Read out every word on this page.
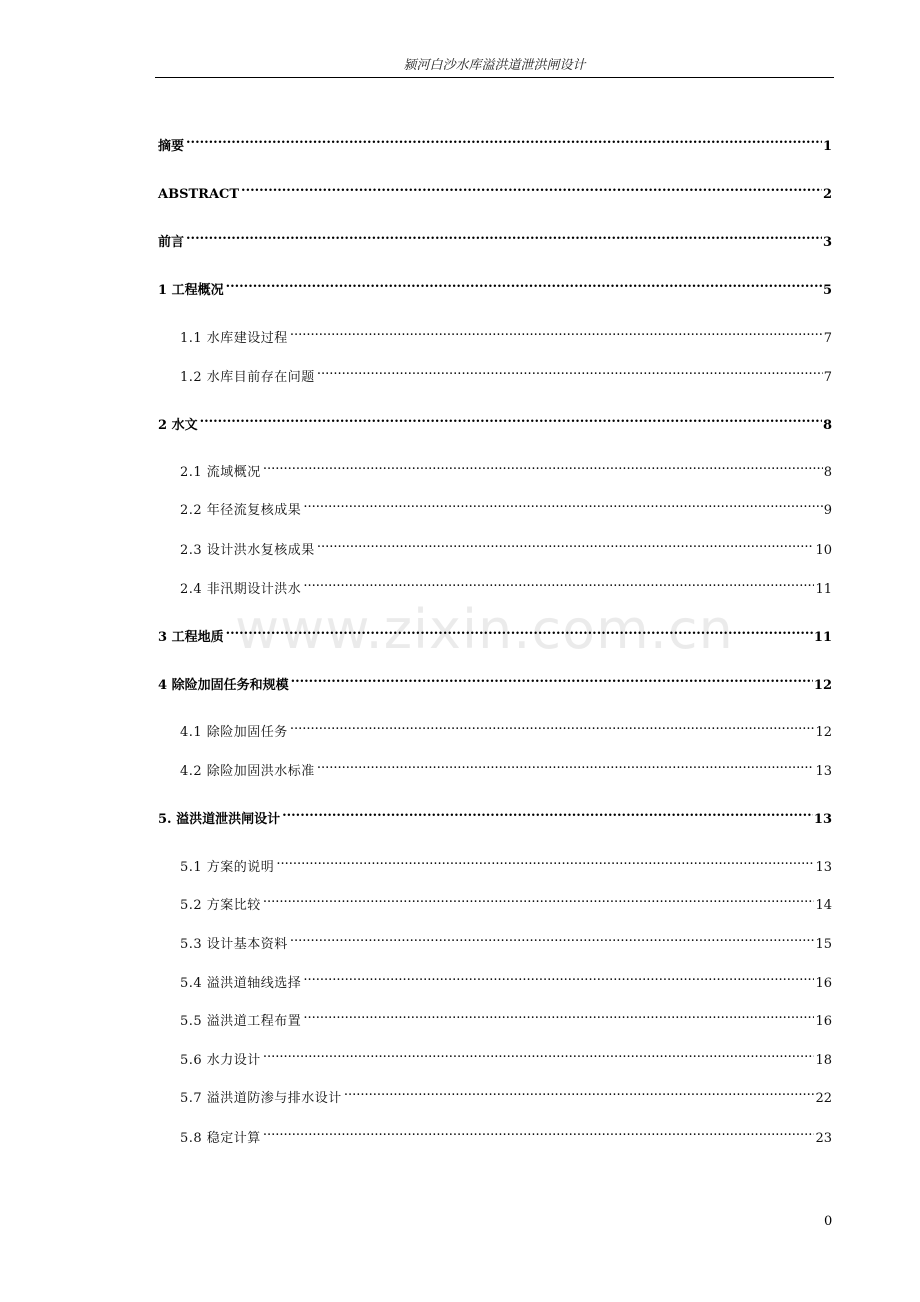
颍河白沙水库溢洪道泄洪闸设计
www.zixin.com.cn
摘要 .....	1
ABSTRACT .....	2
前言 .....	3
1 工程概况 .....	5
1.1 水库建设过程 .....	7
1.2 水库目前存在问题 .....	7
2 水文 .....	8
2.1 流域概况 .....	8
2.2 年径流复核成果 .....	9
2.3 设计洪水复核成果 .....	10
2.4 非汛期设计洪水 .....	11
3 工程地质 .....	11
4 除险加固任务和规模 .....	12
4.1 除险加固任务 .....	12
4.2 除险加固洪水标准 .....	13
5. 溢洪道泄洪闸设计 .....	13
5.1 方案的说明 .....	13
5.2 方案比较 .....	14
5.3 设计基本资料 .....	15
5.4 溢洪道轴线选择 .....	16
5.5 溢洪道工程布置 .....	16
5.6 水力设计 .....	18
5.7 溢洪道防渗与排水设计 .....	22
5.8 稳定计算 .....	23
0
